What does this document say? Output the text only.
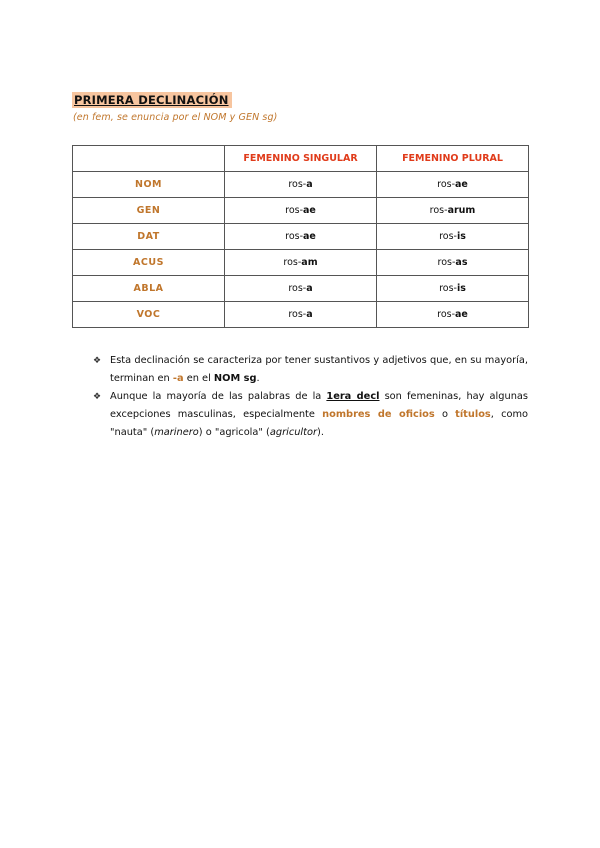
PRIMERA DECLINACIÓN
(en fem, se enuncia por el NOM y GEN sg)
	FEMENINO SINGULAR	FEMENINO PLURAL
NOM	ros-a	ros-ae
GEN	ros-ae	ros-arum
DAT	ros-ae	ros-is
ACUS	ros-am	ros-as
ABLA	ros-a	ros-is
VOC	ros-a	ros-ae
❖ Esta declinación se caracteriza por tener sustantivos y adjetivos que, en su mayoría, terminan en -a en el NOM sg.
❖ Aunque la mayoría de las palabras de la 1era decl son femeninas, hay algunas excepciones masculinas, especialmente nombres de oficios o títulos, como "nauta" (marinero) o "agricola" (agricultor).
